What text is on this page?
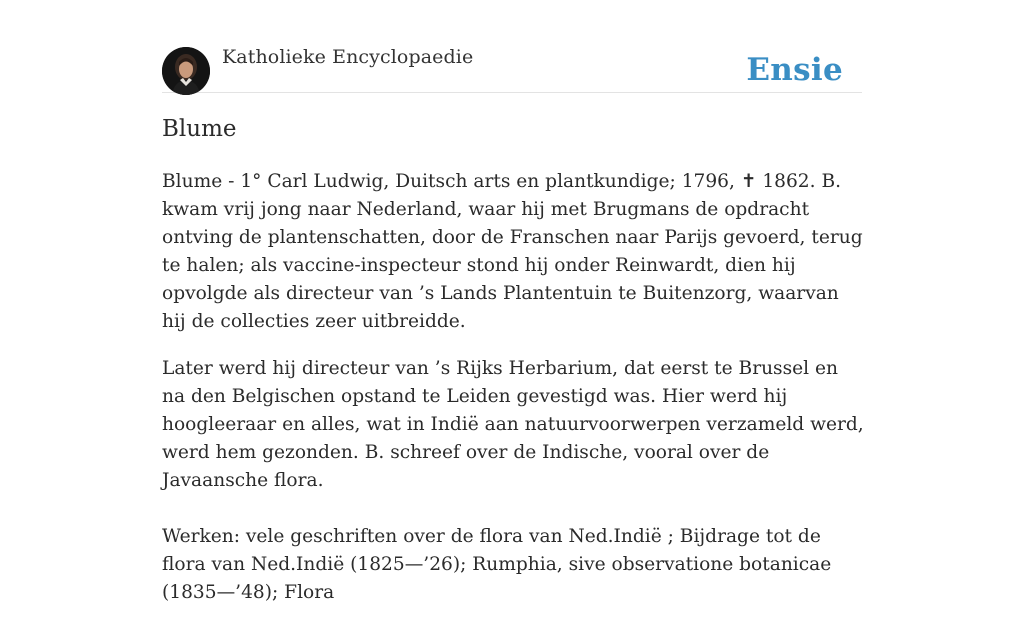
Katholieke Encyclopaedie	Ensie
Blume

Blume - 1° Carl Ludwig, Duitsch arts en plantkundige; 1796, ✝ 1862. B. kwam vrij jong naar Nederland, waar hij met Brugmans de opdracht ontving de plantenschatten, door de Franschen naar Parijs gevoerd, terug te halen; als vaccine-inspecteur stond hij onder Reinwardt, dien hij opvolgde als directeur van ’s Lands Plantentuin te Buitenzorg, waarvan hij de collecties zeer uitbreidde.

Later werd hij directeur van ’s Rijks Herbarium, dat eerst te Brussel en na den Belgischen opstand te Leiden gevestigd was. Hier werd hij hoogleeraar en alles, wat in Indië aan natuurvoorwerpen verzameld werd, werd hem gezonden. B. schreef over de Indische, vooral over de Javaansche flora.

Werken: vele geschriften over de flora van Ned.Indië ; Bijdrage tot de flora van Ned.Indië (1825—’26); Rumphia, sive observatione botanicae (1835—’48); Flora
